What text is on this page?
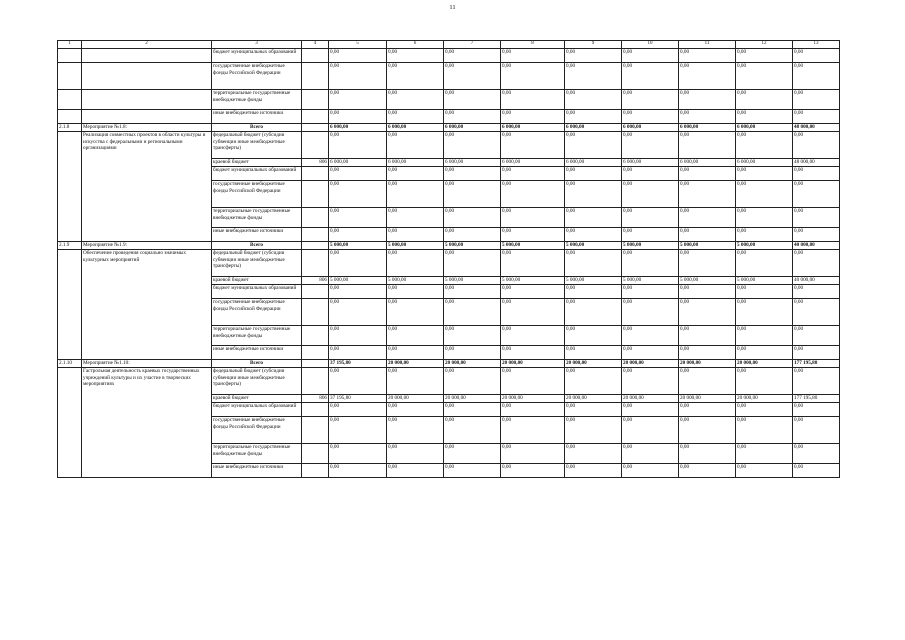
11
1	2	3	4	5	6	7	8	9	10	11	12	13
		бюджет муниципальных образований		0,00	0,00	0,00	0,00	0,00	0,00	0,00	0,00	0,00
		государственные внебюджетные фонды Российской Федерации		0,00	0,00	0,00	0,00	0,00	0,00	0,00	0,00	0,00
		территориальные государственные внебюджетные фонды		0,00	0,00	0,00	0,00	0,00	0,00	0,00	0,00	0,00
		иные внебюджетные источники		0,00	0,00	0,00	0,00	0,00	0,00	0,00	0,00	0,00
2.1.8	Мероприятие №1.8:	Всего		6 000,00	6 000,00	6 000,00	6 000,00	6 000,00	6 000,00	6 000,00	6 000,00	48 000,00
	Реализация совместных проектов в области культуры и искусства с федеральными и региональными организациями	федеральный бюджет (субсидии субвенции иные межбюджетные трансферты)		0,00	0,00	0,00	0,00	0,00	0,00	0,00	0,00	0,00
		краевой бюджет	806	6 000,00	6 000,00	6 000,00	6 000,00	6 000,00	6 000,00	6 000,00	6 000,00	48 000,00
		бюджет муниципальных образований		0,00	0,00	0,00	0,00	0,00	0,00	0,00	0,00	0,00
		государственные внебюджетные фонды Российской Федерации		0,00	0,00	0,00	0,00	0,00	0,00	0,00	0,00	0,00
		территориальные государственные внебюджетные фонды		0,00	0,00	0,00	0,00	0,00	0,00	0,00	0,00	0,00
		иные внебюджетные источники		0,00	0,00	0,00	0,00	0,00	0,00	0,00	0,00	0,00
2.1.9	Мероприятие №1.9:	Всего		5 000,00	5 000,00	5 000,00	5 000,00	5 000,00	5 000,00	5 000,00	5 000,00	40 000,00
	Обеспечение проведения социально значимых культурных мероприятий	федеральный бюджет (субсидии субвенции иные межбюджетные трансферты)		0,00	0,00	0,00	0,00	0,00	0,00	0,00	0,00	0,00
		краевой бюджет	806	5 000,00	5 000,00	5 000,00	5 000,00	5 000,00	5 000,00	5 000,00	5 000,00	40 000,00
		бюджет муниципальных образований		0,00	0,00	0,00	0,00	0,00	0,00	0,00	0,00	0,00
		государственные внебюджетные фонды Российской Федерации		0,00	0,00	0,00	0,00	0,00	0,00	0,00	0,00	0,00
		территориальные государственные внебюджетные фонды		0,00	0,00	0,00	0,00	0,00	0,00	0,00	0,00	0,00
		иные внебюджетные источники		0,00	0,00	0,00	0,00	0,00	0,00	0,00	0,00	0,00
2.1.10	Мероприятие №1.10:	Всего		37 195,80	20 000,00	20 000,00	20 000,00	20 000,00	20 000,00	20 000,00	20 000,00	177 195,80
	Гастрольная деятельность краевых государственных учреждений культуры и их участие в творческих мероприятиях	федеральный бюджет (субсидии субвенции иные межбюджетные трансферты)		0,00	0,00	0,00	0,00	0,00	0,00	0,00	0,00	0,00
		краевой бюджет	806	37 195,80	20 000,00	20 000,00	20 000,00	20 000,00	20 000,00	20 000,00	20 000,00	177 195,80
		бюджет муниципальных образований		0,00	0,00	0,00	0,00	0,00	0,00	0,00	0,00	0,00
		государственные внебюджетные фонды Российской Федерации		0,00	0,00	0,00	0,00	0,00	0,00	0,00	0,00	0,00
		территориальные государственные внебюджетные фонды		0,00	0,00	0,00	0,00	0,00	0,00	0,00	0,00	0,00
		иные внебюджетные источники		0,00	0,00	0,00	0,00	0,00	0,00	0,00	0,00	0,00
